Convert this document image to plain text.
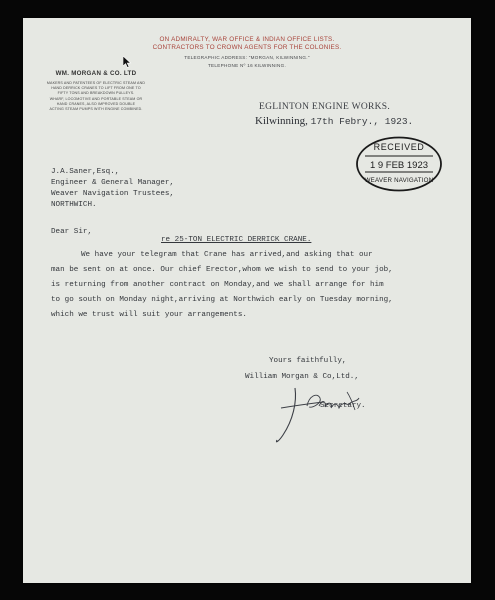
ON ADMIRALTY, WAR OFFICE & INDIAN OFFICE LISTS.

CONTRACTORS TO CROWN AGENTS FOR THE COLONIES.

TELEGRAPHIC ADDRESS: "MORGAN, KILWINNING."

TELEPHONE Nº 16 KILWINNING.

WM. MORGAN & CO. LTD

MAKERS AND PATENTEES OF ELECTRIC STEAM AND

HAND DERRICK CRANES TO LIFT FROM ONE TO

FIFTY TONS AND BREAKDOWN PULLEYS.

WHARF, LOCOMOTIVE AND PORTABLE STEAM OR

HAND CRANES, ALSO IMPROVED DOUBLE

ACTING STEAM PUMPS WITH ENGINE COMBINED.	EGLINTON ENGINE WORKS.

Kilwinning, 17th Febry., 1923.

RECEIVED
1 9 FEB 1923
WEAVER NAVIGATION

J.A.Saner,Esq.,

Engineer & General Manager,

Weaver Navigation Trustees,

NORTHWICH.

Dear Sir,

re 25-TON ELECTRIC DERRICK CRANE.

We have your telegram that Crane has arrived,and asking that our

man be sent on at once. Our chief Erector,whom we wish to send to your job,

is returning from another contract on Monday,and we shall arrange for him

to go south on Monday night,arriving at Northwich early on Tuesday morning,

which we trust will suit your arrangements.

Yours faithfully,

William Morgan & Co,Ltd.,

Secretary.
